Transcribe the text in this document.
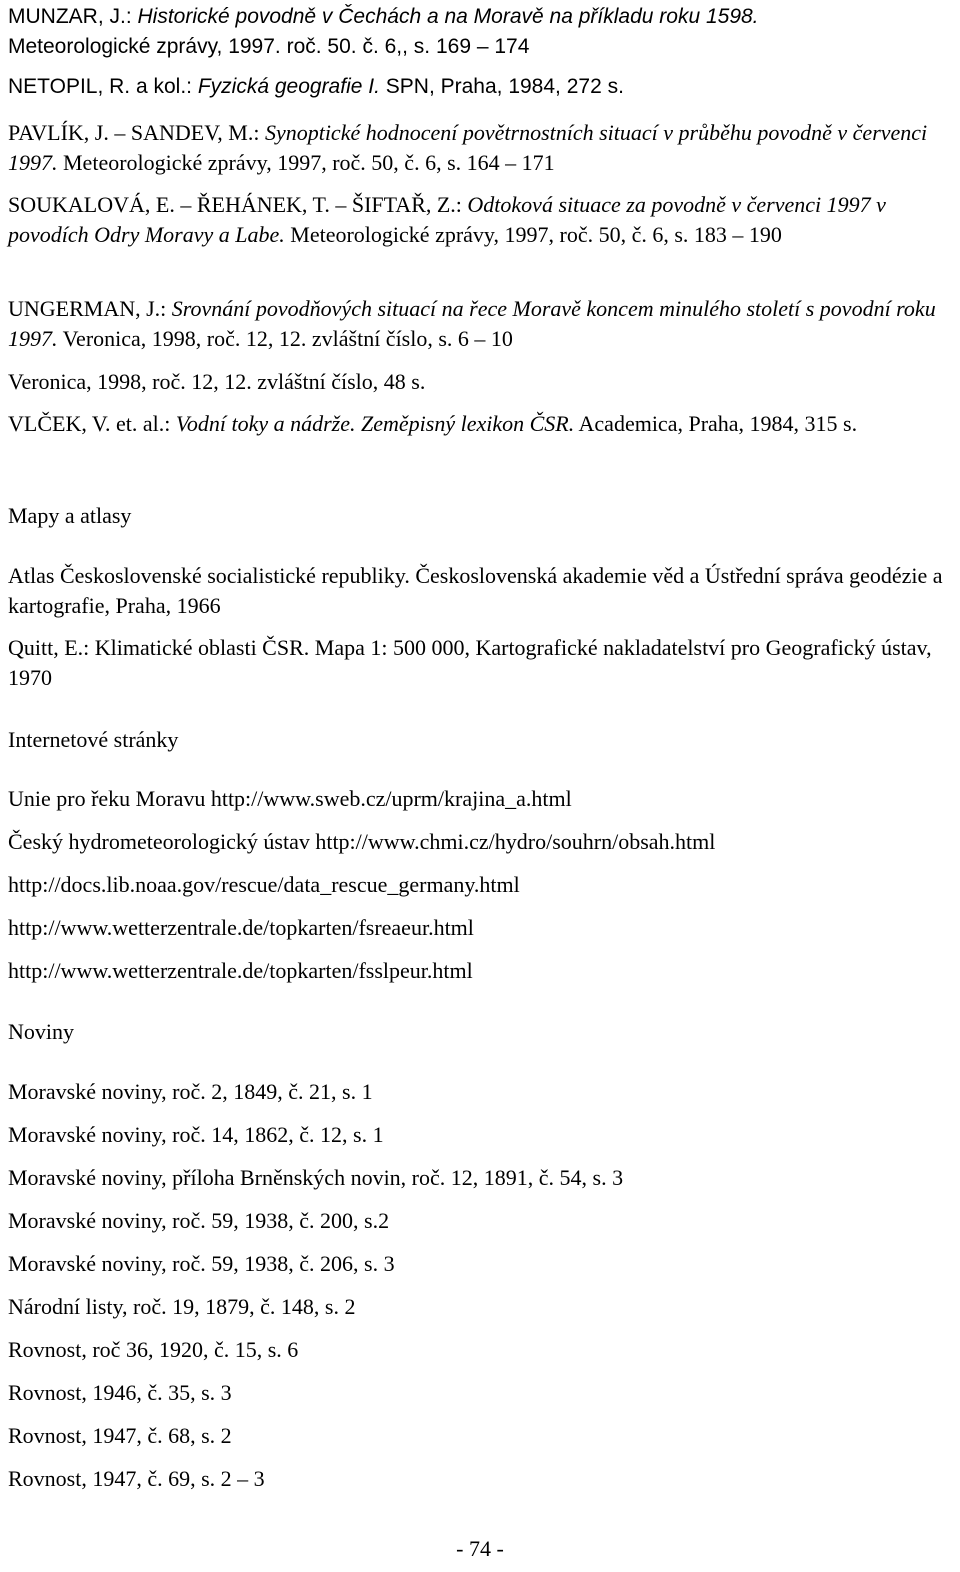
MUNZAR, J.: Historické povodně v Čechách a na Moravě na příkladu roku 1598.
Meteorologické zprávy, 1997. roč. 50. č. 6,, s. 169 – 174

NETOPIL, R. a kol.: Fyzická geografie I. SPN, Praha, 1984, 272 s.

PAVLÍK, J. – SANDEV, M.: Synoptické hodnocení povětrnostních situací v průběhu povodně v červenci 1997. Meteorologické zprávy, 1997, roč. 50, č. 6, s. 164 – 171

SOUKALOVÁ, E. – ŘEHÁNEK, T. – ŠIFTAŘ, Z.: Odtoková situace za povodně v červenci 1997 v povodích Odry Moravy a Labe. Meteorologické zprávy, 1997, roč. 50, č. 6, s. 183 – 190

UNGERMAN, J.: Srovnání povodňových situací na řece Moravě koncem minulého století s povodní roku 1997. Veronica, 1998, roč. 12, 12. zvláštní číslo, s. 6 – 10

Veronica, 1998, roč. 12, 12. zvláštní číslo, 48 s.

VLČEK, V. et. al.: Vodní toky a nádrže. Zeměpisný lexikon ČSR. Academica, Praha, 1984, 315 s.

Mapy a atlasy

Atlas Československé socialistické republiky. Československá akademie věd a Ústřední správa geodézie a kartografie, Praha, 1966

Quitt, E.: Klimatické oblasti ČSR. Mapa 1: 500 000, Kartografické nakladatelství pro Geografický ústav, 1970

Internetové stránky

Unie pro řeku Moravu http://www.sweb.cz/uprm/krajina_a.html

Český hydrometeorologický ústav http://www.chmi.cz/hydro/souhrn/obsah.html

http://docs.lib.noaa.gov/rescue/data_rescue_germany.html

http://www.wetterzentrale.de/topkarten/fsreaeur.html

http://www.wetterzentrale.de/topkarten/fsslpeur.html

Noviny

Moravské noviny, roč. 2, 1849, č. 21, s. 1

Moravské noviny, roč. 14, 1862, č. 12, s. 1

Moravské noviny, příloha Brněnských novin, roč. 12, 1891, č. 54, s. 3

Moravské noviny, roč. 59, 1938, č. 200, s.2

Moravské noviny, roč. 59, 1938, č. 206, s. 3

Národní listy, roč. 19, 1879, č. 148, s. 2

Rovnost, roč 36, 1920, č. 15, s. 6

Rovnost, 1946, č. 35, s. 3

Rovnost, 1947, č. 68, s. 2

Rovnost, 1947, č. 69, s. 2 – 3

- 74 -
